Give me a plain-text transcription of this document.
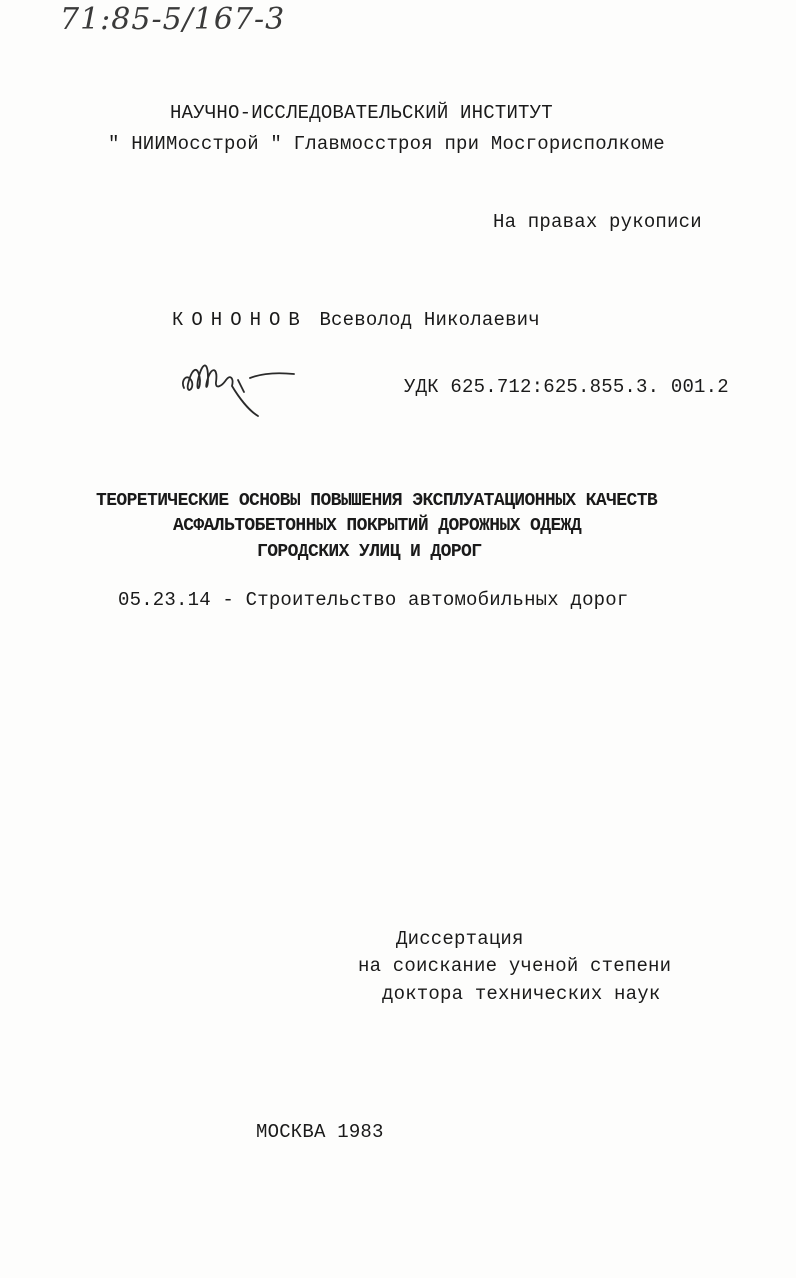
71:85-5/167-3
НАУЧНО-ИССЛЕДОВАТЕЛЬСКИЙ ИНСТИТУТ
" НИИМосстрой " Главмосстроя при Мосгорисполкоме
На правах рукописи
КОНОНОВ Всеволод Николаевич
УДК 625.712:625.855.3. 001.2
ТЕОРЕТИЧЕСКИЕ ОСНОВЫ ПОВЫШЕНИЯ ЭКСПЛУАТАЦИОННЫХ КАЧЕСТВ
АСФАЛЬТОБЕТОННЫХ ПОКРЫТИЙ ДОРОЖНЫХ ОДЕЖД
ГОРОДСКИХ УЛИЦ И ДОРОГ
05.23.14 - Строительство автомобильных дорог
Диссертация
на соискание ученой степени
доктора технических наук
МОСКВА 1983
